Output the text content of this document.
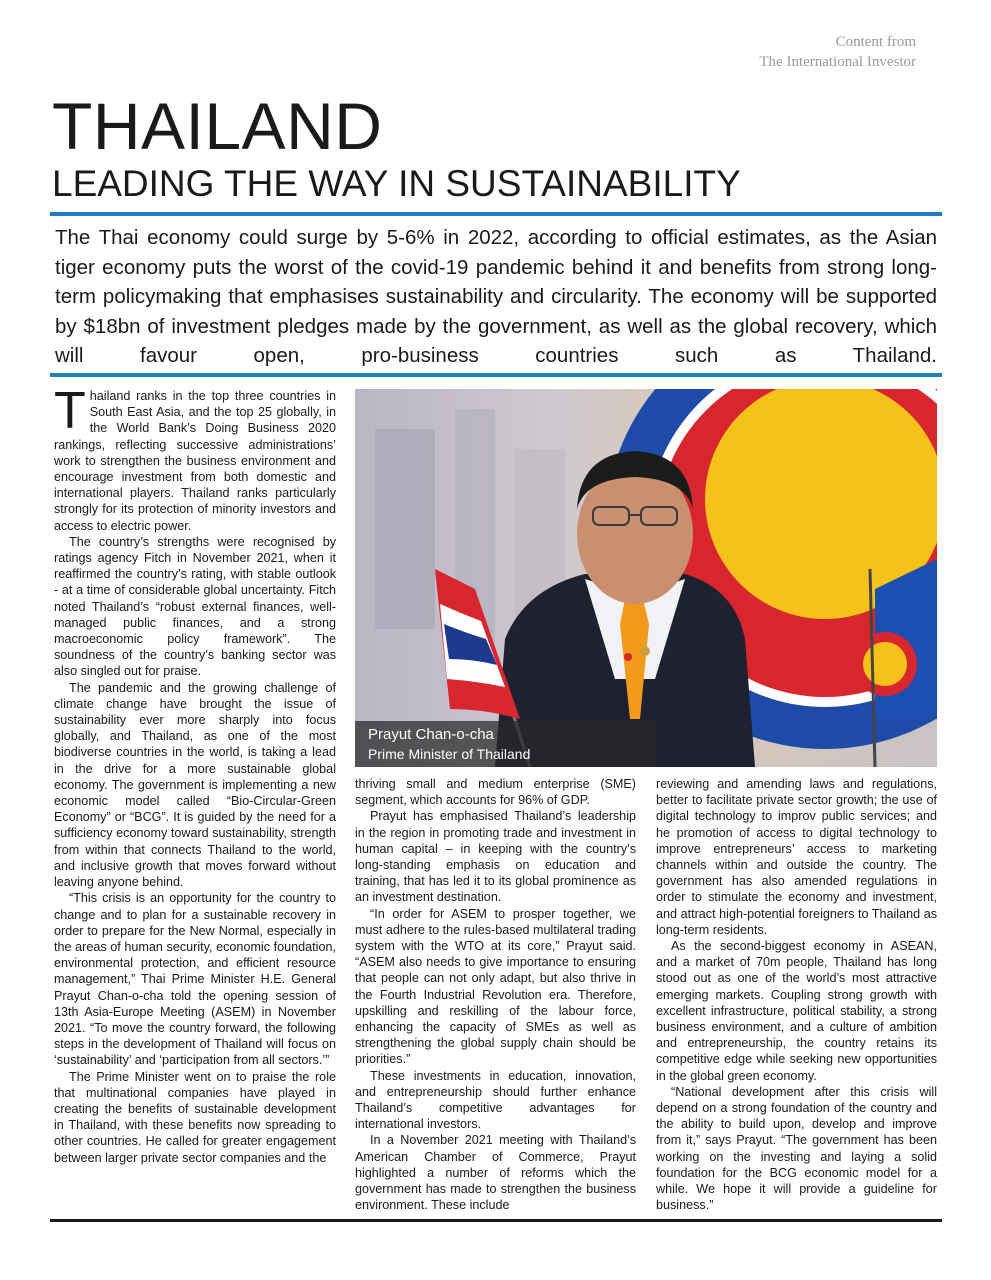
Content from
The International Investor
THAILAND
LEADING THE WAY IN SUSTAINABILITY

The Thai economy could surge by 5-6% in 2022, according to official estimates, as the Asian tiger economy puts the worst of the covid-19 pandemic behind it and benefits from strong long-term policymaking that emphasises sustainability and circularity. The economy will be supported by $18bn of investment pledges made by the government, as well as the global recovery, which will favour open, pro-business countries such as Thailand.

Thailand ranks in the top three countries in South East Asia, and the top 25 globally, in the World Bank’s Doing Business 2020 rankings, reflecting successive administrations’ work to strengthen the business environment and encourage investment from both domestic and international players. Thailand ranks particularly strongly for its protection of minority investors and access to electric power.

The country’s strengths were recognised by ratings agency Fitch in November 2021, when it reaffirmed the country’s rating, with stable outlook - at a time of considerable global uncertainty. Fitch noted Thailand’s “robust external finances, well-managed public finances, and a strong macroeconomic policy framework”. The soundness of the country’s banking sector was also singled out for praise.

The pandemic and the growing challenge of climate change have brought the issue of sustainability ever more sharply into focus globally, and Thailand, as one of the most biodiverse countries in the world, is taking a lead in the drive for a more sustainable global economy. The government is implementing a new economic model called “Bio-Circular-Green Economy” or “BCG”. It is guided by the need for a sufficiency economy toward sustainability, strength from within that connects Thailand to the world, and inclusive growth that moves forward without leaving anyone behind.

“This crisis is an opportunity for the country to change and to plan for a sustainable recovery in order to prepare for the New Normal, especially in the areas of human security, economic foundation, environmental protection, and efficient resource management,” Thai Prime Minister H.E. General Prayut Chan-o-cha told the opening session of 13th Asia-Europe Meeting (ASEM) in November 2021. “To move the country forward, the following steps in the development of Thailand will focus on ‘sustainability’ and ‘participation from all sectors.’”

The Prime Minister went on to praise the role that multinational companies have played in creating the benefits of sustainable development in Thailand, with these benefits now spreading to other countries. He called for greater engagement between larger private sector companies and the

Prayut Chan-o-cha
Prime Minister of Thailand

thriving small and medium enterprise (SME) segment, which accounts for 96% of GDP.

Prayut has emphasised Thailand’s leadership in the region in promoting trade and investment in human capital – in keeping with the country’s long-standing emphasis on education and training, that has led it to its global prominence as an investment destination.

“In order for ASEM to prosper together, we must adhere to the rules-based multilateral trading system with the WTO at its core,” Prayut said. “ASEM also needs to give importance to ensuring that people can not only adapt, but also thrive in the Fourth Industrial Revolution era. Therefore, upskilling and reskilling of the labour force, enhancing the capacity of SMEs as well as strengthening the global supply chain should be priorities.”

These investments in education, innovation, and entrepreneurship should further enhance Thailand’s competitive advantages for international investors.

In a November 2021 meeting with Thailand’s American Chamber of Commerce, Prayut highlighted a number of reforms which the government has made to strengthen the business environment. These include

reviewing and amending laws and regulations, better to facilitate private sector growth; the use of digital technology to improv public services; and he promotion of access to digital technology to improve entrepreneurs’ access to marketing channels within and outside the country. The government has also amended regulations in order to stimulate the economy and investment, and attract high-potential foreigners to Thailand as long-term residents.

As the second-biggest economy in ASEAN, and a market of 70m people, Thailand has long stood out as one of the world’s most attractive emerging markets. Coupling strong growth with excellent infrastructure, political stability, a strong business environment, and a culture of ambition and entrepreneurship, the country retains its competitive edge while seeking new opportunities in the global green economy.

“National development after this crisis will depend on a strong foundation of the country and the ability to build upon, develop and improve from it,” says Prayut. “The government has been working on the investing and laying a solid foundation for the BCG economic model for a while. We hope it will provide a guideline for business.”
